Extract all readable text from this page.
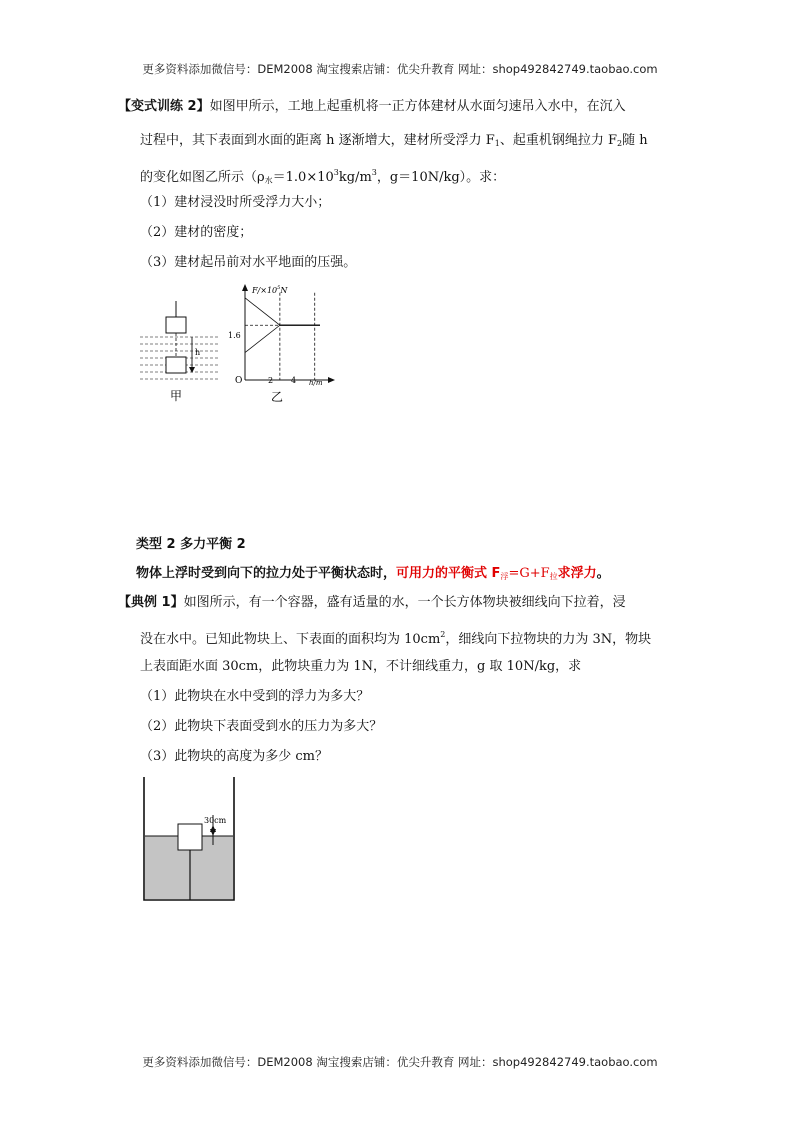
更多资料添加微信号：DEM2008 淘宝搜索店铺：优尖升教育 网址：shop492842749.taobao.com
【变式训练 2】如图甲所示，工地上起重机将一正方体建材从水面匀速吊入水中，在沉入
过程中，其下表面到水面的距离 h 逐渐增大，建材所受浮力 $F_1$、起重机钢绳拉力 $F_2$随 h
的变化如图乙所示（$\rho_水=1.0\times 10^3kg/m^3$，g＝10N/kg）。求：
（1）建材浸没时所受浮力大小；
（2）建材的密度；
（3）建材起吊前对水平地面的压强。
h
甲
$F/\times 10^5N$
h/m
O
1.6
2 4
乙
类型 2 多力平衡 2
物体上浮时受到向下的拉力处于平衡状态时，可用力的平衡式 $F_浮=G+F_拉$求浮力。
【典例 1】如图所示，有一个容器，盛有适量的水，一个长方体物块被细线向下拉着，浸
没在水中。已知此物块上、下表面的面积均为 $10cm^2$，细线向下拉物块的力为 3N，物块
上表面距水面 30cm，此物块重力为 1N，不计细线重力，g 取 10N/kg，求
（1）此物块在水中受到的浮力为多大？
（2）此物块下表面受到水的压力为多大？
（3）此物块的高度为多少 cm？
30cm
更多资料添加微信号：DEM2008 淘宝搜索店铺：优尖升教育 网址：shop492842749.taobao.com
